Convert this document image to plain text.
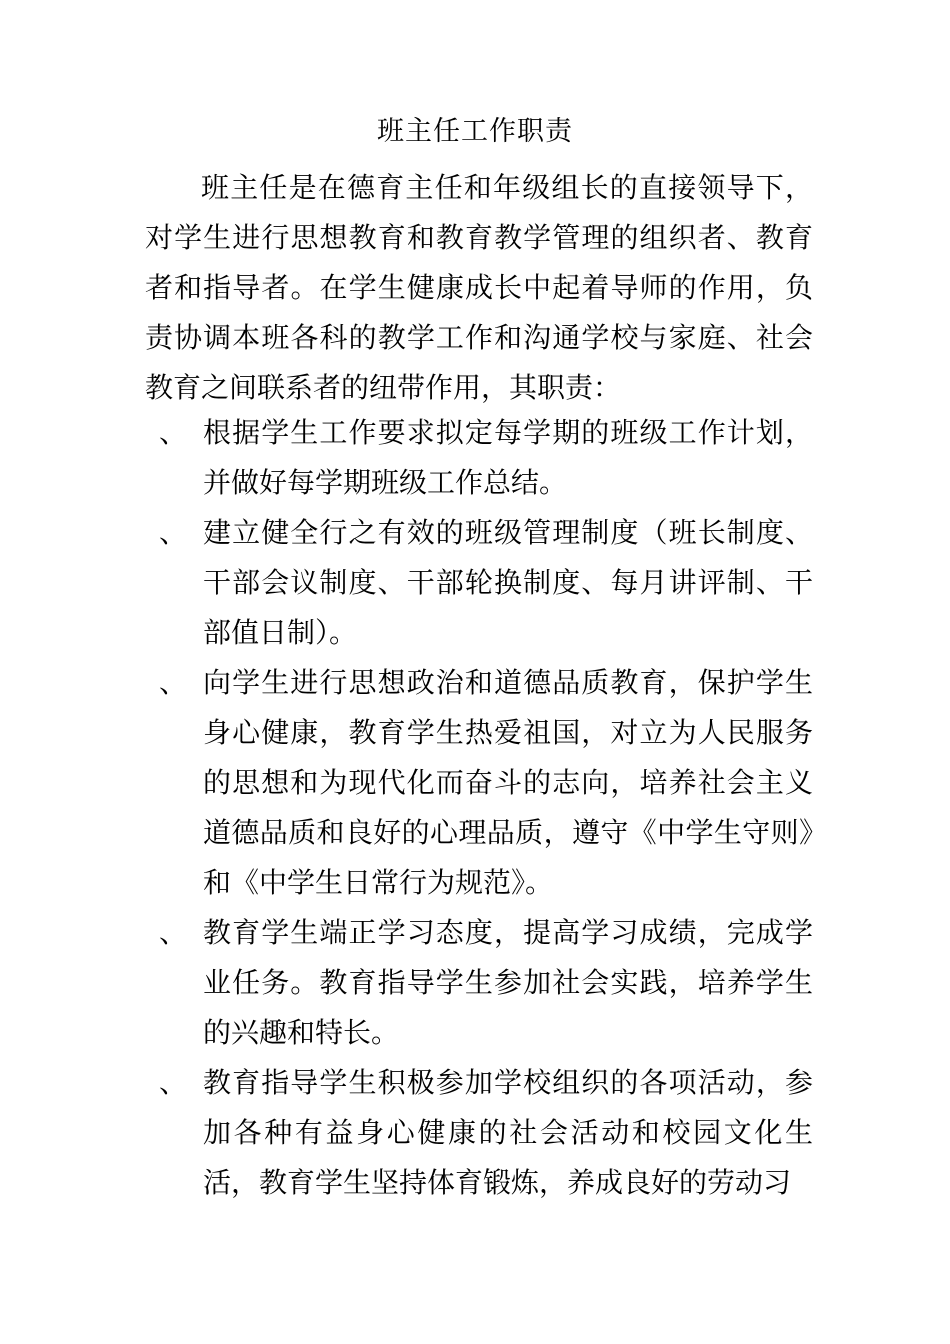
班主任工作职责

班主任是在德育主任和年级组长的直接领导下，对学生进行思想教育和教育教学管理的组织者、教育者和指导者。在学生健康成长中起着导师的作用，负责协调本班各科的教学工作和沟通学校与家庭、社会教育之间联系者的纽带作用，其职责：

、 根据学生工作要求拟定每学期的班级工作计划，并做好每学期班级工作总结。
、 建立健全行之有效的班级管理制度（班长制度、干部会议制度、干部轮换制度、每月讲评制、干部值日制）。
、 向学生进行思想政治和道德品质教育，保护学生身心健康，教育学生热爱祖国，对立为人民服务的思想和为现代化而奋斗的志向，培养社会主义道德品质和良好的心理品质，遵守《中学生守则》和《中学生日常行为规范》。
、 教育学生端正学习态度，提高学习成绩，完成学业任务。教育指导学生参加社会实践，培养学生的兴趣和特长。
、 教育指导学生积极参加学校组织的各项活动，参加各种有益身心健康的社会活动和校园文化生活，教育学生坚持体育锻炼，养成良好的劳动习
